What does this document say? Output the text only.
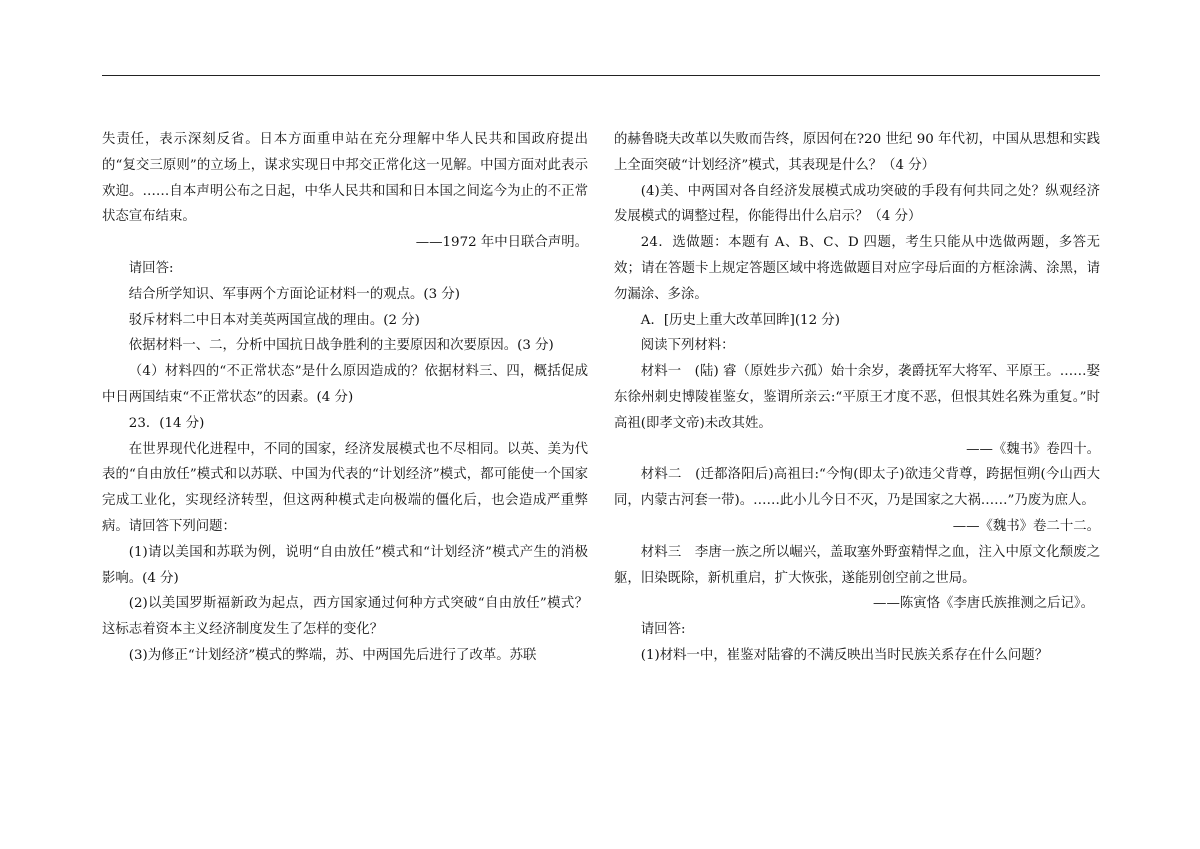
失责任，表示深刻反省。日本方面重申站在充分理解中华人民共和国政府提出的“复交三原则”的立场上，谋求实现日中邦交正常化这一见解。中国方面对此表示欢迎。……自本声明公布之日起，中华人民共和国和日本国之间迄今为止的不正常状态宣布结束。

——1972 年中日联合声明。

请回答:

结合所学知识、军事两个方面论证材料一的观点。(3 分)

驳斥材料二中日本对美英两国宣战的理由。(2 分)

依据材料一、二，分析中国抗日战争胜利的主要原因和次要原因。(3 分)

（4）材料四的“不正常状态”是什么原因造成的？依据材料三、四，概括促成中日两国结束“不正常状态”的因素。(4 分)

23．(14 分)

在世界现代化进程中，不同的国家，经济发展模式也不尽相同。以英、美为代表的“自由放任”模式和以苏联、中国为代表的“计划经济”模式，都可能使一个国家完成工业化，实现经济转型，但这两种模式走向极端的僵化后，也会造成严重弊病。请回答下列问题：

(1)请以美国和苏联为例，说明“自由放任”模式和“计划经济”模式产生的消极影响。(4 分)

(2)以美国罗斯福新政为起点，西方国家通过何种方式突破“自由放任”模式？这标志着资本主义经济制度发生了怎样的变化？

(3)为修正“计划经济”模式的弊端，苏、中两国先后进行了改革。苏联

的赫鲁晓夫改革以失败而告终，原因何在?20 世纪 90 年代初，中国从思想和实践上全面突破“计划经济”模式，其表现是什么？（4 分）

(4)美、中两国对各自经济发展模式成功突破的手段有何共同之处？纵观经济发展模式的调整过程，你能得出什么启示？（4 分）

24．选做题：本题有 A、B、C、D 四题，考生只能从中选做两题，多答无效；请在答题卡上规定答题区域中将选做题目对应字母后面的方框涂满、涂黑，请勿漏涂、多涂。

A．[历史上重大改革回眸](12 分)

阅读下列材料：

材料一　(陆) 睿（原姓步六孤）始十余岁，袭爵抚军大将军、平原王。……娶东徐州刺史博陵崔鉴女，鉴谓所亲云:“平原王才度不恶，但恨其姓名殊为重复。”时高祖(即孝文帝)未改其姓。

——《魏书》卷四十。

材料二　(迁都洛阳后)高祖曰:“今恂(即太子)欲违父背尊，跨据恒朔(今山西大同，内蒙古河套一带)。……此小儿今日不灭，乃是国家之大祸……”乃废为庶人。

——《魏书》卷二十二。

材料三　李唐一族之所以崛兴，盖取塞外野蛮精悍之血，注入中原文化颓废之躯，旧染既除，新机重启，扩大恢张，遂能别创空前之世局。

——陈寅恪《李唐氏族推测之后记》。

请回答:

(1)材料一中，崔鉴对陆睿的不满反映出当时民族关系存在什么问题？
